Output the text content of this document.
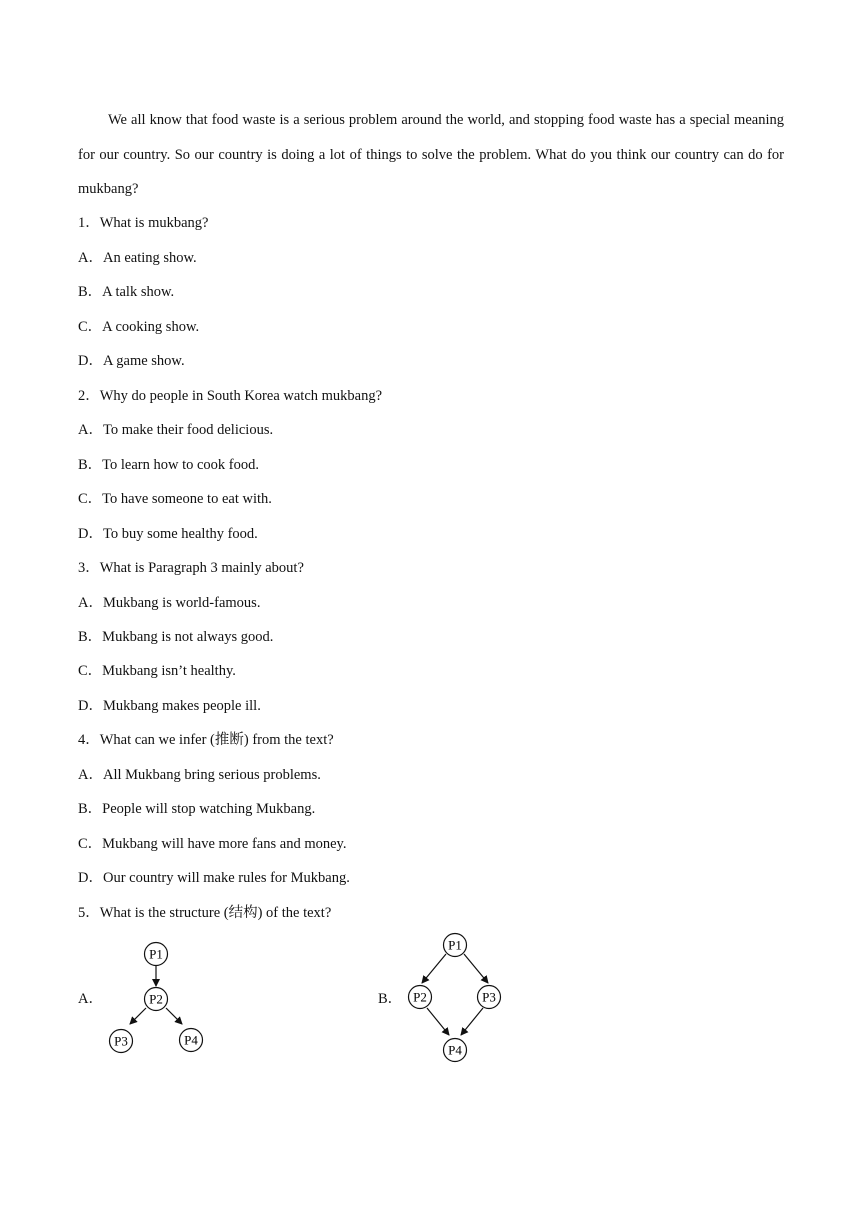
We all know that food waste is a serious problem around the world, and stopping food waste has a special meaning for our country. So our country is doing a lot of things to solve the problem. What do you think our country can do for mukbang?

1．What is mukbang?
A．An eating show.
B．A talk show.
C．A cooking show.
D．A game show.
2．Why do people in South Korea watch mukbang?
A．To make their food delicious.
B．To learn how to cook food.
C．To have someone to eat with.
D．To buy some healthy food.
3．What is Paragraph 3 mainly about?
A．Mukbang is world-famous.
B．Mukbang is not always good.
C．Mukbang isn’t healthy.
D．Mukbang makes people ill.
4．What can we infer (推断) from the text?
A．All Mukbang bring serious problems.
B．People will stop watching Mukbang.
C．Mukbang will have more fans and money.
D．Our country will make rules for Mukbang.
5．What is the structure (结构) of the text?
A．
P1
P2
P3	P4
B．
P1
P2	P3
P4
